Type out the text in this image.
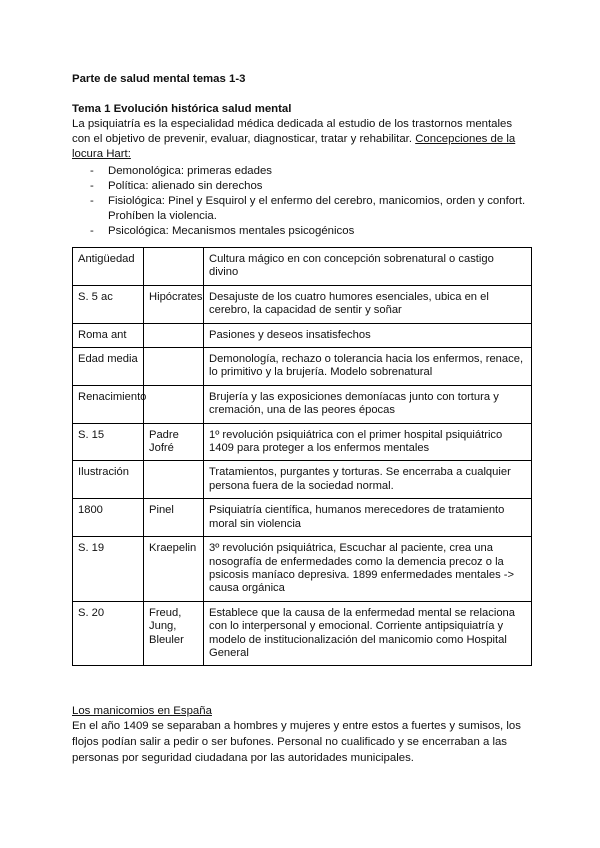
Parte de salud mental temas 1-3

Tema 1 Evolución histórica salud mental

La psiquiatría es la especialidad médica dedicada al estudio de los trastornos mentales con el objetivo de prevenir, evaluar, diagnosticar, tratar y rehabilitar. Concepciones de la locura Hart:

- Demonológica: primeras edades
- Política: alienado sin derechos
- Fisiológica: Pinel y Esquirol y el enfermo del cerebro, manicomios, orden y confort. Prohíben la violencia.
- Psicológica: Mecanismos mentales psicogénicos
Antigüedad		Cultura mágico en con concepción sobrenatural o castigo divino
S. 5 ac	Hipócrates	Desajuste de los cuatro humores esenciales, ubica en el cerebro, la capacidad de sentir y soñar
Roma ant		Pasiones y deseos insatisfechos
Edad media		Demonología, rechazo o tolerancia hacia los enfermos, renace, lo primitivo y la brujería. Modelo sobrenatural
Renacimiento		Brujería y las exposiciones demoníacas junto con tortura y cremación, una de las peores épocas
S. 15	Padre Jofré	1º revolución psiquiátrica con el primer hospital psiquiátrico 1409 para proteger a los enfermos mentales
Ilustración		Tratamientos, purgantes y torturas. Se encerraba a cualquier persona fuera de la sociedad normal.
1800	Pinel	Psiquiatría científica, humanos merecedores de tratamiento moral sin violencia
S. 19	Kraepelin	3º revolución psiquiátrica, Escuchar al paciente, crea una nosografía de enfermedades como la demencia precoz o la psicosis maníaco depresiva. 1899 enfermedades mentales -> causa orgánica
S. 20	Freud, Jung, Bleuler	Establece que la causa de la enfermedad mental se relaciona con lo interpersonal y emocional. Corriente antipsiquiatría y modelo de institucionalización del manicomio como Hospital General

Los manicomios en España

En el año 1409 se separaban a hombres y mujeres y entre estos a fuertes y sumisos, los flojos podían salir a pedir o ser bufones. Personal no cualificado y se encerraban a las personas por seguridad ciudadana por las autoridades municipales.
